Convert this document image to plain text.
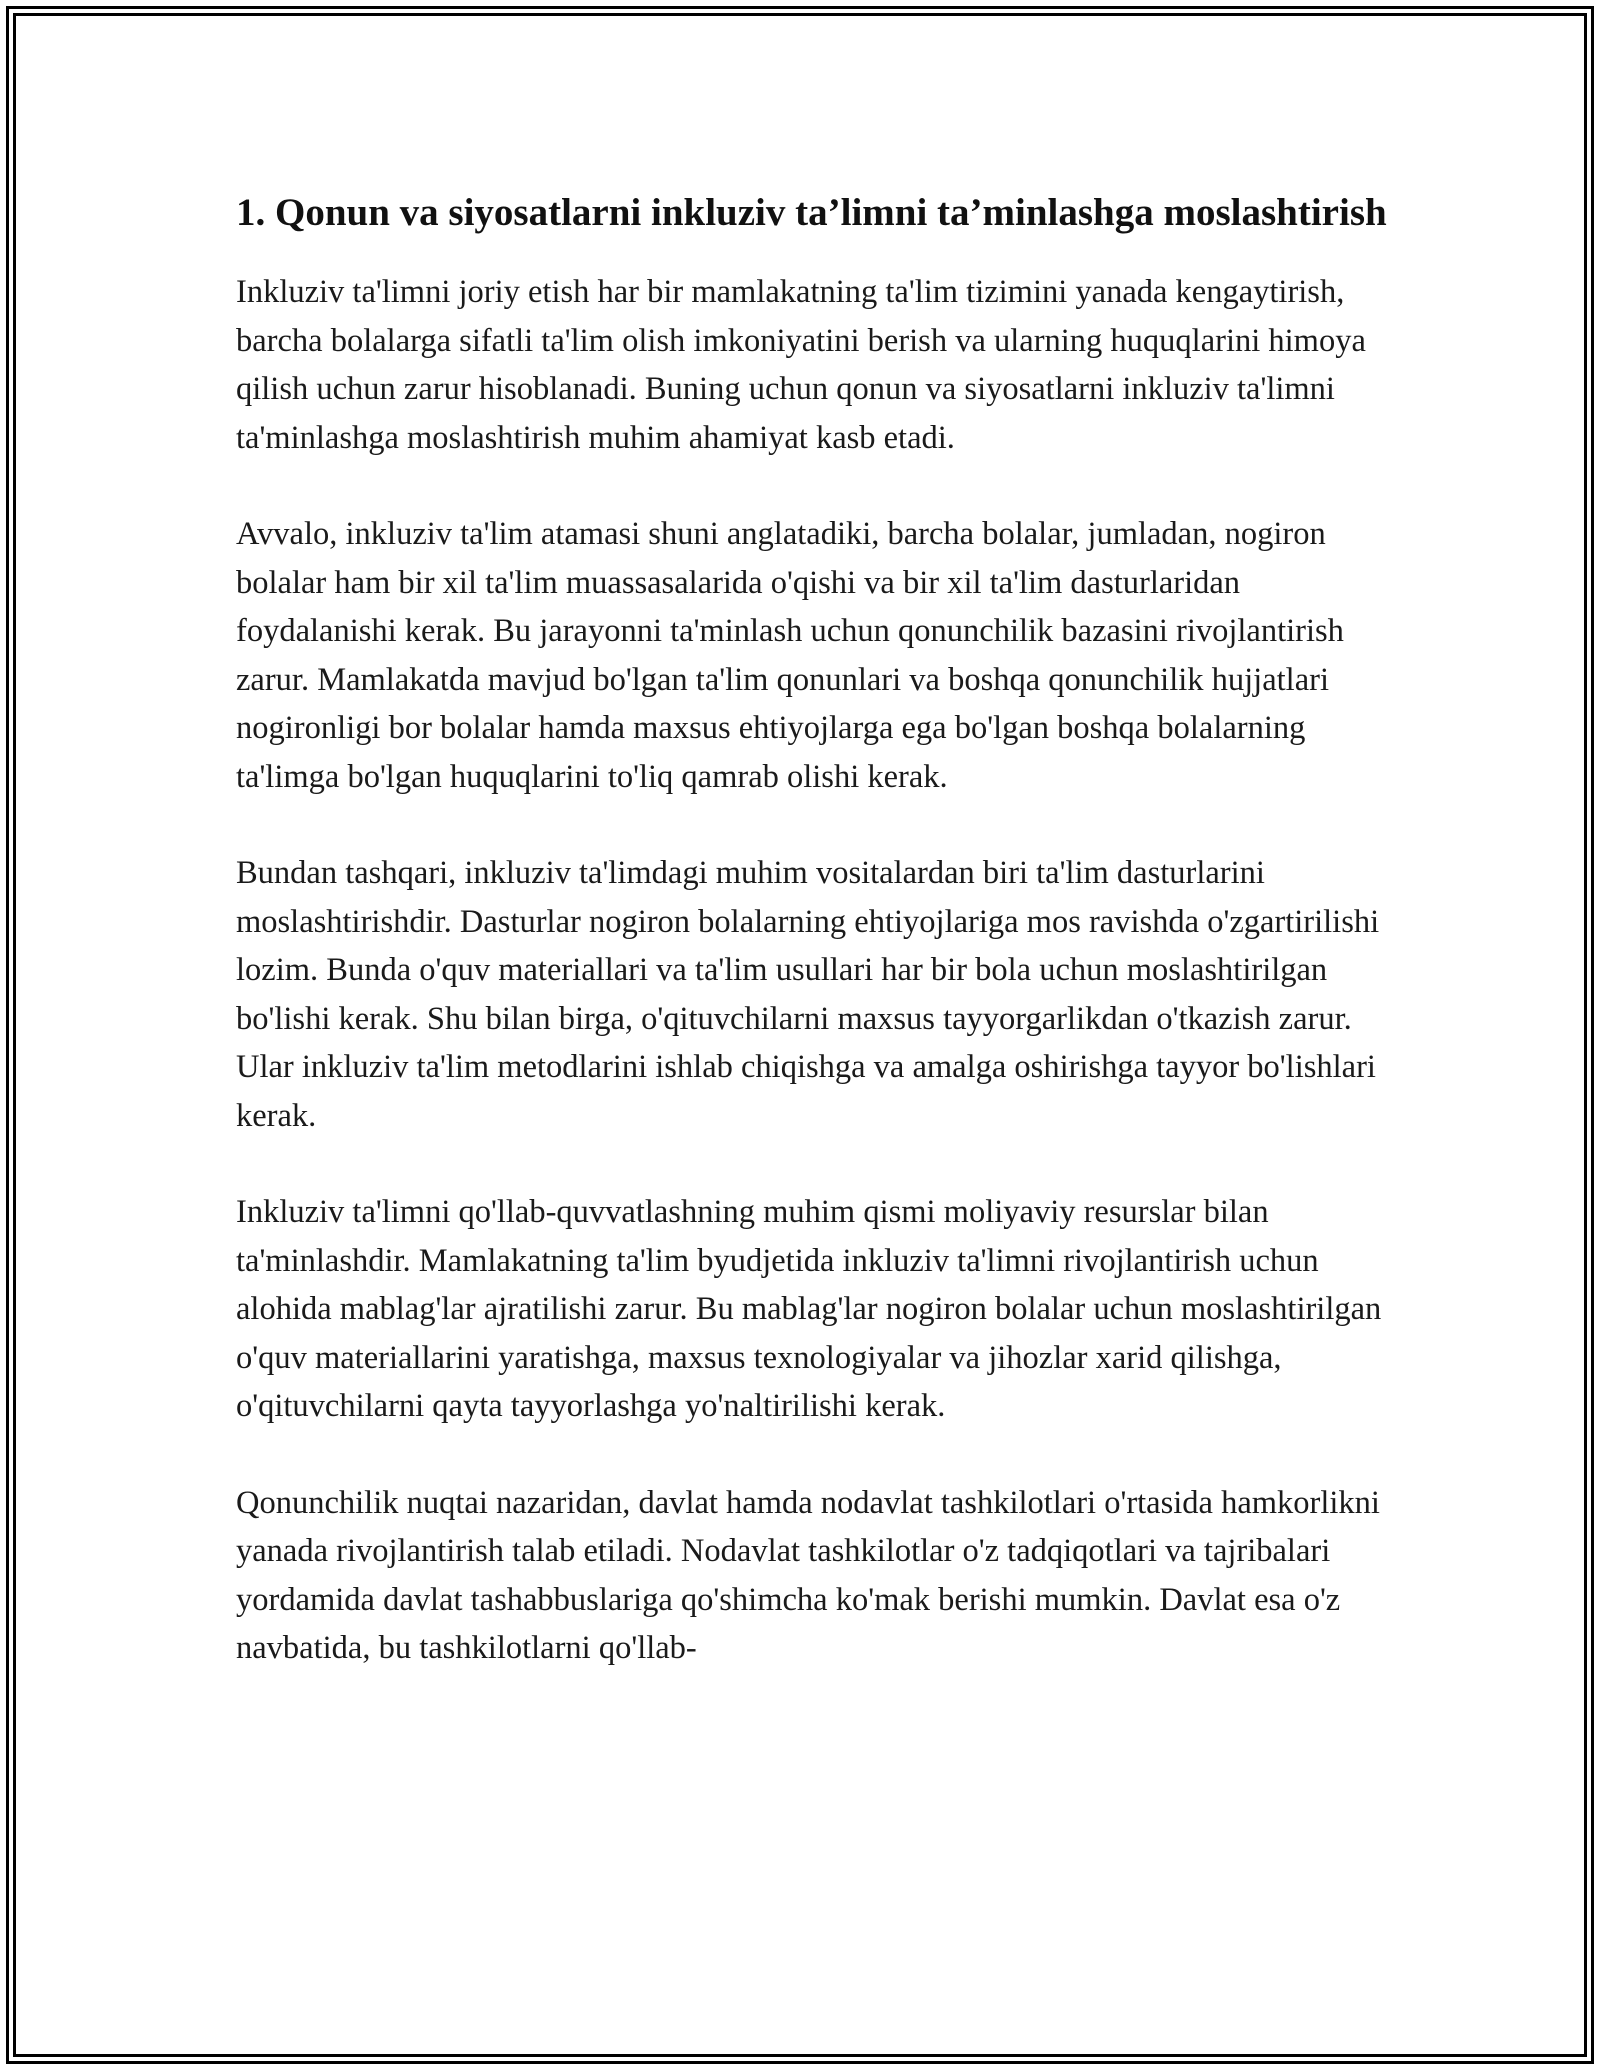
1. Qonun va siyosatlarni inkluziv ta’limni ta’minlashga moslashtirish

Inkluziv ta'limni joriy etish har bir mamlakatning ta'lim tizimini yanada kengaytirish, barcha bolalarga sifatli ta'lim olish imkoniyatini berish va ularning huquqlarini himoya qilish uchun zarur hisoblanadi. Buning uchun qonun va siyosatlarni inkluziv ta'limni ta'minlashga moslashtirish muhim ahamiyat kasb etadi.

Avvalo, inkluziv ta'lim atamasi shuni anglatadiki, barcha bolalar, jumladan, nogiron bolalar ham bir xil ta'lim muassasalarida o'qishi va bir xil ta'lim dasturlaridan foydalanishi kerak. Bu jarayonni ta'minlash uchun qonunchilik bazasini rivojlantirish zarur. Mamlakatda mavjud bo'lgan ta'lim qonunlari va boshqa qonunchilik hujjatlari nogironligi bor bolalar hamda maxsus ehtiyojlarga ega bo'lgan boshqa bolalarning ta'limga bo'lgan huquqlarini to'liq qamrab olishi kerak.

Bundan tashqari, inkluziv ta'limdagi muhim vositalardan biri ta'lim dasturlarini moslashtirishdir. Dasturlar nogiron bolalarning ehtiyojlariga mos ravishda o'zgartirilishi lozim. Bunda o'quv materiallari va ta'lim usullari har bir bola uchun moslashtirilgan bo'lishi kerak. Shu bilan birga, o'qituvchilarni maxsus tayyorgarlikdan o'tkazish zarur. Ular inkluziv ta'lim metodlarini ishlab chiqishga va amalga oshirishga tayyor bo'lishlari kerak.

Inkluziv ta'limni qo'llab-quvvatlashning muhim qismi moliyaviy resurslar bilan ta'minlashdir. Mamlakatning ta'lim byudjetida inkluziv ta'limni rivojlantirish uchun alohida mablag'lar ajratilishi zarur. Bu mablag'lar nogiron bolalar uchun moslashtirilgan o'quv materiallarini yaratishga, maxsus texnologiyalar va jihozlar xarid qilishga, o'qituvchilarni qayta tayyorlashga yo'naltirilishi kerak.

Qonunchilik nuqtai nazaridan, davlat hamda nodavlat tashkilotlari o'rtasida hamkorlikni yanada rivojlantirish talab etiladi. Nodavlat tashkilotlar o'z tadqiqotlari va tajribalari yordamida davlat tashabbuslariga qo'shimcha ko'mak berishi mumkin. Davlat esa o'z navbatida, bu tashkilotlarni qo'llab-
